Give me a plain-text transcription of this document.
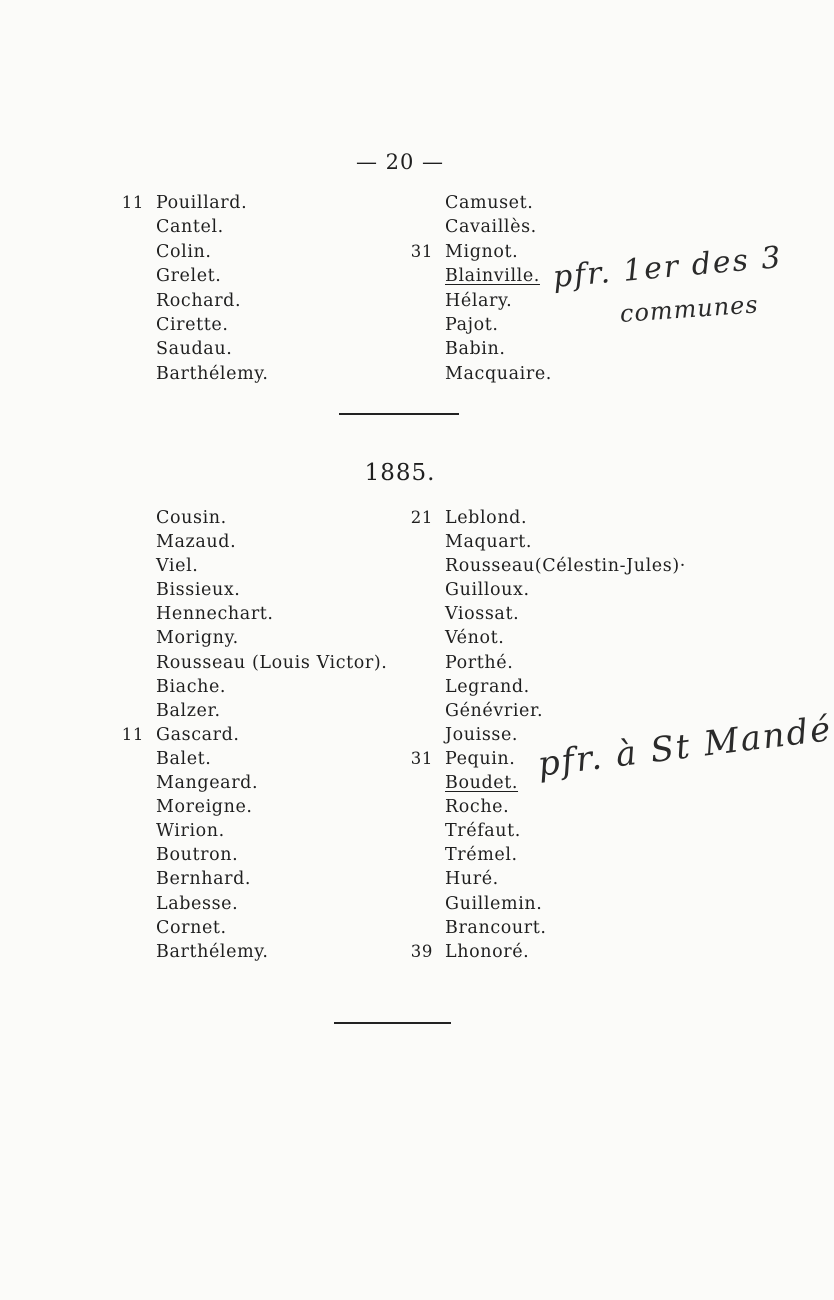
— 20 —
11 Pouillard.
Cantel.
Colin.
Grelet.
Rochard.
Cirette.
Saudau.
Barthélemy.
Camuset.
Cavaillès.
31 Mignot.
Blainville.
Hélary.
Pajot.
Babin.
Macquaire.
pfr. 1er des 3
communes
1885.
Cousin.
Mazaud.
Viel.
Bissieux.
Hennechart.
Morigny.
Rousseau (Louis Victor).
Biache.
Balzer.
11 Gascard.
Balet.
Mangeard.
Moreigne.
Wirion.
Boutron.
Bernhard.
Labesse.
Cornet.
Barthélemy.
21 Leblond.
Maquart.
Rousseau(Célestin-Jules)·
Guilloux.
Viossat.
Vénot.
Porthé.
Legrand.
Génévrier.
Jouisse.
31 Pequin.
Boudet.
Roche.
Tréfaut.
Trémel.
Huré.
Guillemin.
Brancourt.
39 Lhonoré.
pfr. à St Mandé
